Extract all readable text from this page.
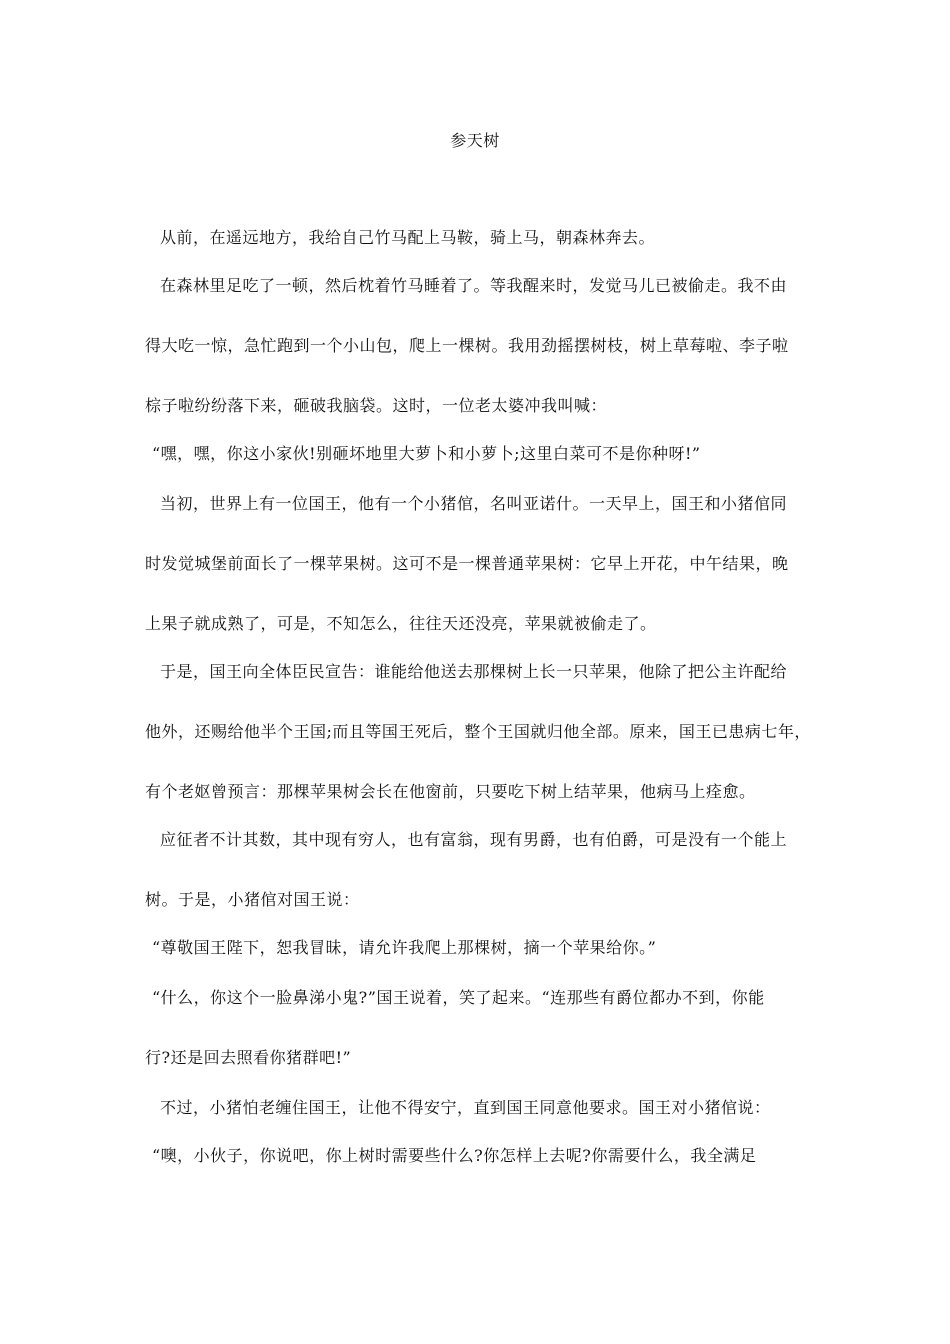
参天树
从前，在遥远地方，我给自己竹马配上马鞍，骑上马，朝森林奔去。
在森林里足吃了一顿，然后枕着竹马睡着了。等我醒来时，发觉马儿已被偷走。我不由
得大吃一惊，急忙跑到一个小山包，爬上一棵树。我用劲摇摆树枝，树上草莓啦、李子啦
棕子啦纷纷落下来，砸破我脑袋。这时，一位老太婆冲我叫喊：
“嘿，嘿，你这小家伙!别砸坏地里大萝卜和小萝卜;这里白菜可不是你种呀!”
当初，世界上有一位国王，他有一个小猪倌，名叫亚诺什。一天早上，国王和小猪倌同
时发觉城堡前面长了一棵苹果树。这可不是一棵普通苹果树：它早上开花，中午结果，晚
上果子就成熟了，可是，不知怎么，往往天还没亮，苹果就被偷走了。
于是，国王向全体臣民宣告：谁能给他送去那棵树上长一只苹果，他除了把公主许配给
他外，还赐给他半个王国;而且等国王死后，整个王国就归他全部。原来，国王已患病七年，
有个老妪曾预言：那棵苹果树会长在他窗前，只要吃下树上结苹果，他病马上痊愈。
应征者不计其数，其中现有穷人，也有富翁，现有男爵，也有伯爵，可是没有一个能上
树。于是，小猪倌对国王说：
“尊敬国王陛下，恕我冒昧，请允许我爬上那棵树，摘一个苹果给你。”
“什么，你这个一脸鼻涕小鬼?”国王说着，笑了起来。“连那些有爵位都办不到，你能
行?还是回去照看你猪群吧!”
不过，小猪怕老缠住国王，让他不得安宁，直到国王同意他要求。国王对小猪倌说：
“噢，小伙子，你说吧，你上树时需要些什么?你怎样上去呢?你需要什么，我全满足
